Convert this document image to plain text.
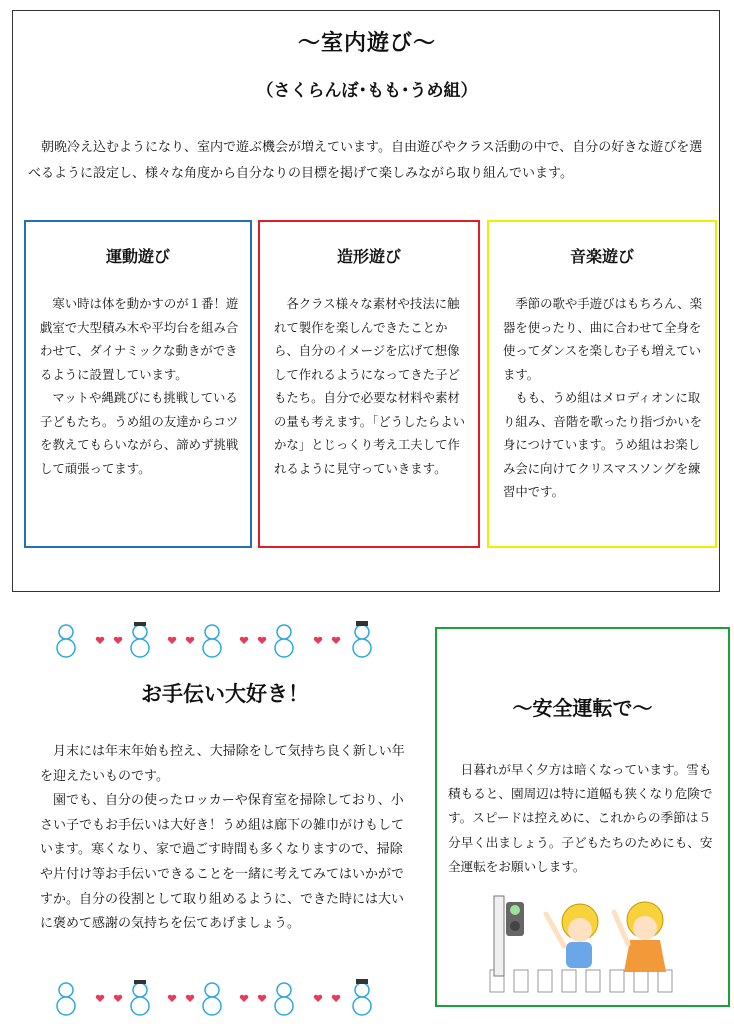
～室内遊び～
（さくらんぼ･もも･うめ組）

朝晩冷え込むようになり、室内で遊ぶ機会が増えています。自由遊びやクラス活動の中で、自分の好きな遊びを選べるように設定し、様々な角度から自分なりの目標を掲げて楽しみながら取り組んでいます。

運動遊び

寒い時は体を動かすのが１番！遊戯室で大型積み木や平均台を組み合わせて、ダイナミックな動きができるように設置しています。

マットや縄跳びにも挑戦している子どもたち。うめ組の友達からコツを教えてもらいながら、諦めず挑戦して頑張ってます。

造形遊び

各クラス様々な素材や技法に触れて製作を楽しんできたことから、自分のイメージを広げて想像して作れるようになってきた子どもたち。自分で必要な材料や素材の量も考えます。「どうしたらよいかな」とじっくり考え工夫して作れるように見守っていきます。

音楽遊び

季節の歌や手遊びはもちろん、楽器を使ったり、曲に合わせて全身を使ってダンスを楽しむ子も増えています。

もも、うめ組はメロディオンに取り組み、音階を歌ったり指づかいを身につけています。うめ組はお楽しみ会に向けてクリスマスソングを練習中です。

お手伝い大好き！

月末には年末年始も控え、大掃除をして気持ち良く新しい年を迎えたいものです。

園でも、自分の使ったロッカーや保育室を掃除しており、小さい子でもお手伝いは大好き！うめ組は廊下の雑巾がけもしています。寒くなり、家で過ごす時間も多くなりますので、掃除や片付け等お手伝いできることを一緒に考えてみてはいかがですか。自分の役割として取り組めるように、できた時には大いに褒めて感謝の気持ちを伝てあげましょう。

～安全運転で～

日暮れが早く夕方は暗くなっています。雪も積もると、園周辺は特に道幅も狭くなり危険です。スピードは控えめに、これからの季節は５分早く出ましょう。子どもたちのためにも、安全運転をお願いします。
